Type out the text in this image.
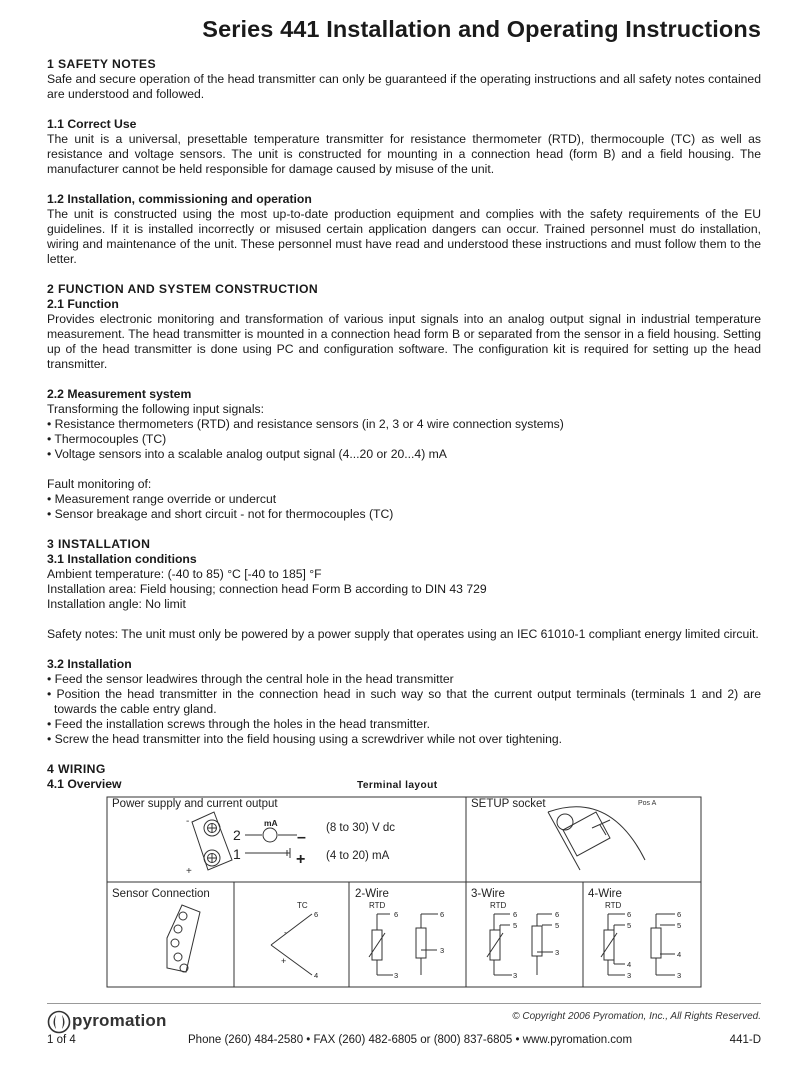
Series 441 Installation and Operating Instructions

1 SAFETY NOTES

Safe and secure operation of the head transmitter can only be guaranteed if the operating instructions and all safety notes contained are understood and followed.

1.1 Correct Use

The unit is a universal, presettable temperature transmitter for resistance thermometer (RTD), thermocouple (TC) as well as resistance and voltage sensors. The unit is constructed for mounting in a connection head (form B) and a field housing. The manufacturer cannot be held responsible for damage caused by misuse of the unit.

1.2 Installation, commissioning and operation

The unit is constructed using the most up-to-date production equipment and complies with the safety requirements of the EU guidelines. If it is installed incorrectly or misused certain application dangers can occur. Trained personnel must do installation, wiring and maintenance of the unit. These personnel must have read and understood these instructions and must follow them to the letter.

2 FUNCTION AND SYSTEM CONSTRUCTION

2.1 Function

Provides electronic monitoring and transformation of various input signals into an analog output signal in industrial temperature measurement. The head transmitter is mounted in a connection head form B or separated from the sensor in a field housing. Setting up of the head transmitter is done using PC and configuration software. The configuration kit is required for setting up the head transmitter.

2.2 Measurement system

Transforming the following input signals:

• Resistance thermometers (RTD) and resistance sensors (in 2, 3 or 4 wire connection systems)

• Thermocouples (TC)

• Voltage sensors into a scalable analog output signal (4...20 or 20...4) mA

Fault monitoring of:

• Measurement range override or undercut

• Sensor breakage and short circuit - not for thermocouples (TC)

3 INSTALLATION

3.1 Installation conditions

Ambient temperature: (-40 to 85) °C [-40 to 185] °F

Installation area: Field housing; connection head Form B according to DIN 43 729

Installation angle: No limit

Safety notes: The unit must only be powered by a power supply that operates using an IEC 61010-1 compliant energy limited circuit.

3.2 Installation

• Feed the sensor leadwires through the central hole in the head transmitter

• Position the head transmitter in the connection head in such way so that the current output terminals (terminals 1 and 2) are towards the cable entry gland.

• Feed the installation screws through the holes in the head transmitter.

• Screw the head transmitter into the field housing using a screwdriver while not over tightening.

4 WIRING

4.1 Overview	Terminal layout
Power supply and current output
-
+
2
1
mA
–
+
(8 to 30) V dc
(4 to 20) mA
SETUP socket	Pos A
Sensor Connection
TC
6
4
-
+
2-Wire
RTD
6
3
6
3
3-Wire
RTD
6
5
3
6
5
3
4-Wire
RTD
6
5
4
3
6
5
4
3
pyromation	© Copyright 2006 Pyromation, Inc., All Rights Reserved.
1 of 4	Phone (260) 484-2580 • FAX (260) 482-6805 or (800) 837-6805 • www.pyromation.com	441-D
